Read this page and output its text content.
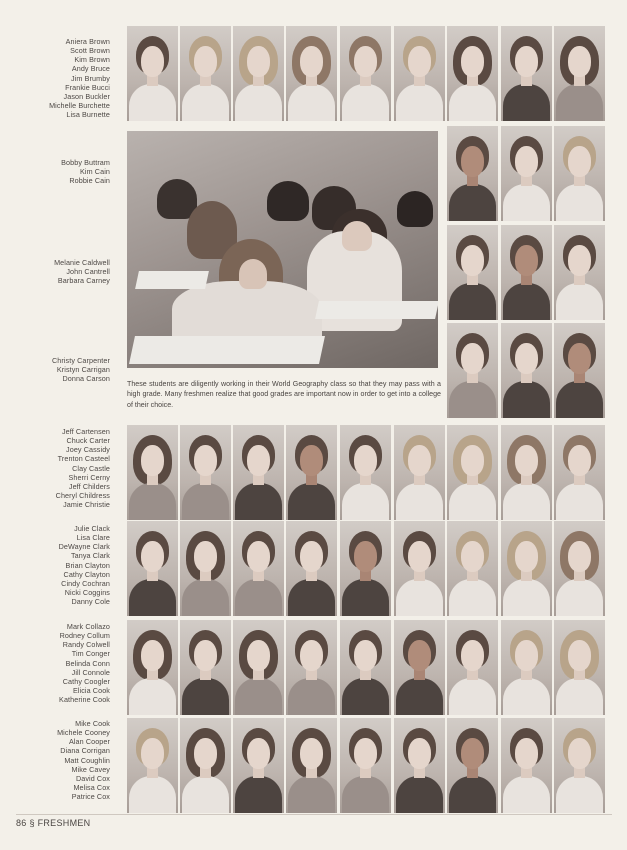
Aniera Brown
Scott Brown
Kim Brown
Andy Bruce
Jim Brumby
Frankie Bucci
Jason Buckler
Michelle Burchette
Lisa Burnette
Bobby Buttram
Kim Cain
Robbie Cain
Melanie Caldwell
John Cantrell
Barbara Carney
Christy Carpenter
Kristyn Carrigan
Donna Carson
Jeff Cartensen
Chuck Carter
Joey Cassidy
Trenton Casteel
Clay Castle
Sherri Cerny
Jeff Childers
Cheryl Childress
Jamie Christie
Julie Clack
Lisa Clare
DeWayne Clark
Tanya Clark
Brian Clayton
Cathy Clayton
Cindy Cochran
Nicki Coggins
Danny Cole
Mark Collazo
Rodney Collum
Randy Colwell
Tim Conger
Belinda Conn
Jill Connole
Cathy Coogler
Elicia Cook
Katherine Cook
Mike Cook
Michele Cooney
Alan Cooper
Diana Corrigan
Matt Coughlin
Mike Cavey
David Cox
Melisa Cox
Patrice Cox
These students are diligently working in their World Geography class so that they may pass with a high grade. Many freshmen realize that good grades are important now in order to get into a college of their choice.
86 § FRESHMEN
